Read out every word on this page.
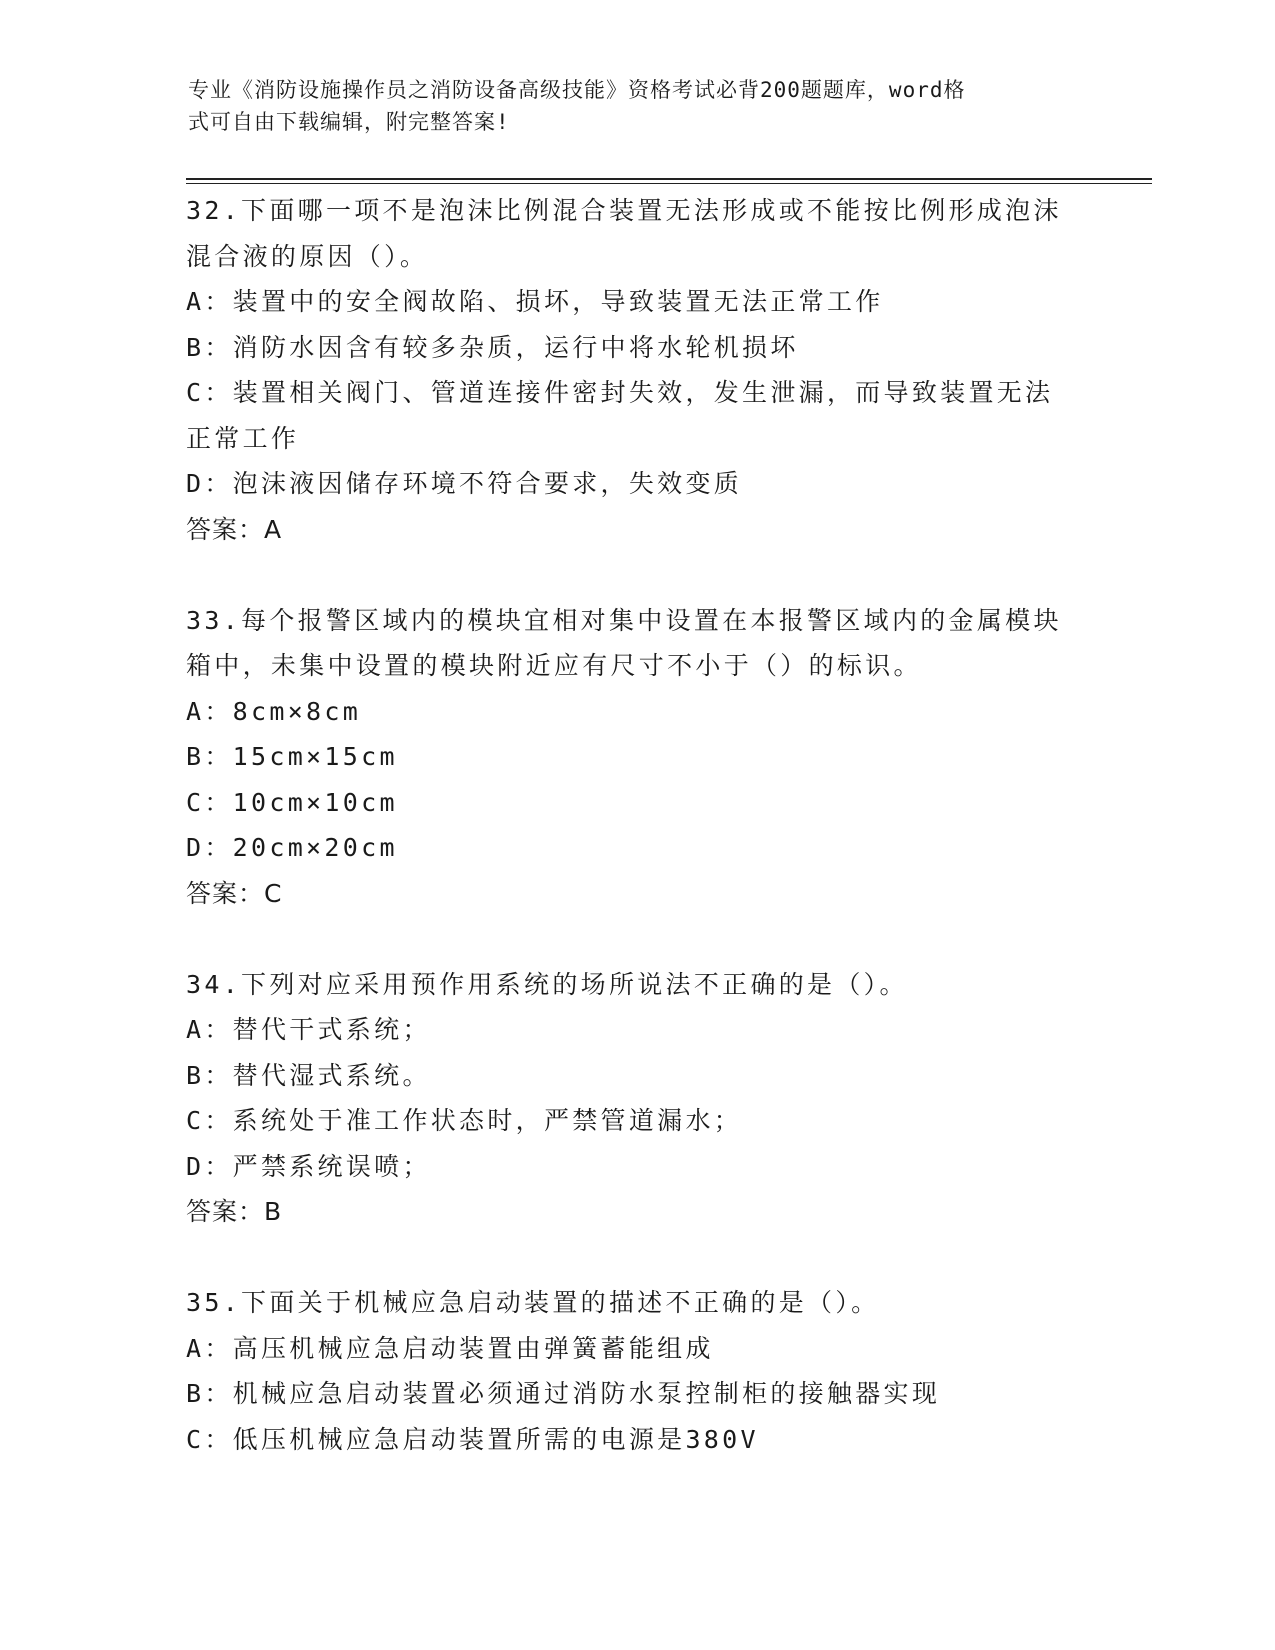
专业《消防设施操作员之消防设备高级技能》资格考试必背200题题库，word格
式可自由下载编辑，附完整答案!
32.下面哪一项不是泡沫比例混合装置无法形成或不能按比例形成泡沫
混合液的原因（）。
A：装置中的安全阀故陷、损坏，导致装置无法正常工作
B：消防水因含有较多杂质，运行中将水轮机损坏
C：装置相关阀门、管道连接件密封失效，发生泄漏，而导致装置无法
正常工作
D：泡沫液因储存环境不符合要求，失效变质
答案：A
33.每个报警区域内的模块宜相对集中设置在本报警区域内的金属模块
箱中，未集中设置的模块附近应有尺寸不小于（）的标识。
A：8cm×8cm
B：15cm×15cm
C：10cm×10cm
D：20cm×20cm
答案：C
34.下列对应采用预作用系统的场所说法不正确的是（）。
A：替代干式系统；
B：替代湿式系统。
C：系统处于准工作状态时，严禁管道漏水；
D：严禁系统误喷；
答案：B
35.下面关于机械应急启动装置的描述不正确的是（）。
A：高压机械应急启动装置由弹簧蓄能组成
B：机械应急启动装置必须通过消防水泵控制柜的接触器实现
C：低压机械应急启动装置所需的电源是380V
